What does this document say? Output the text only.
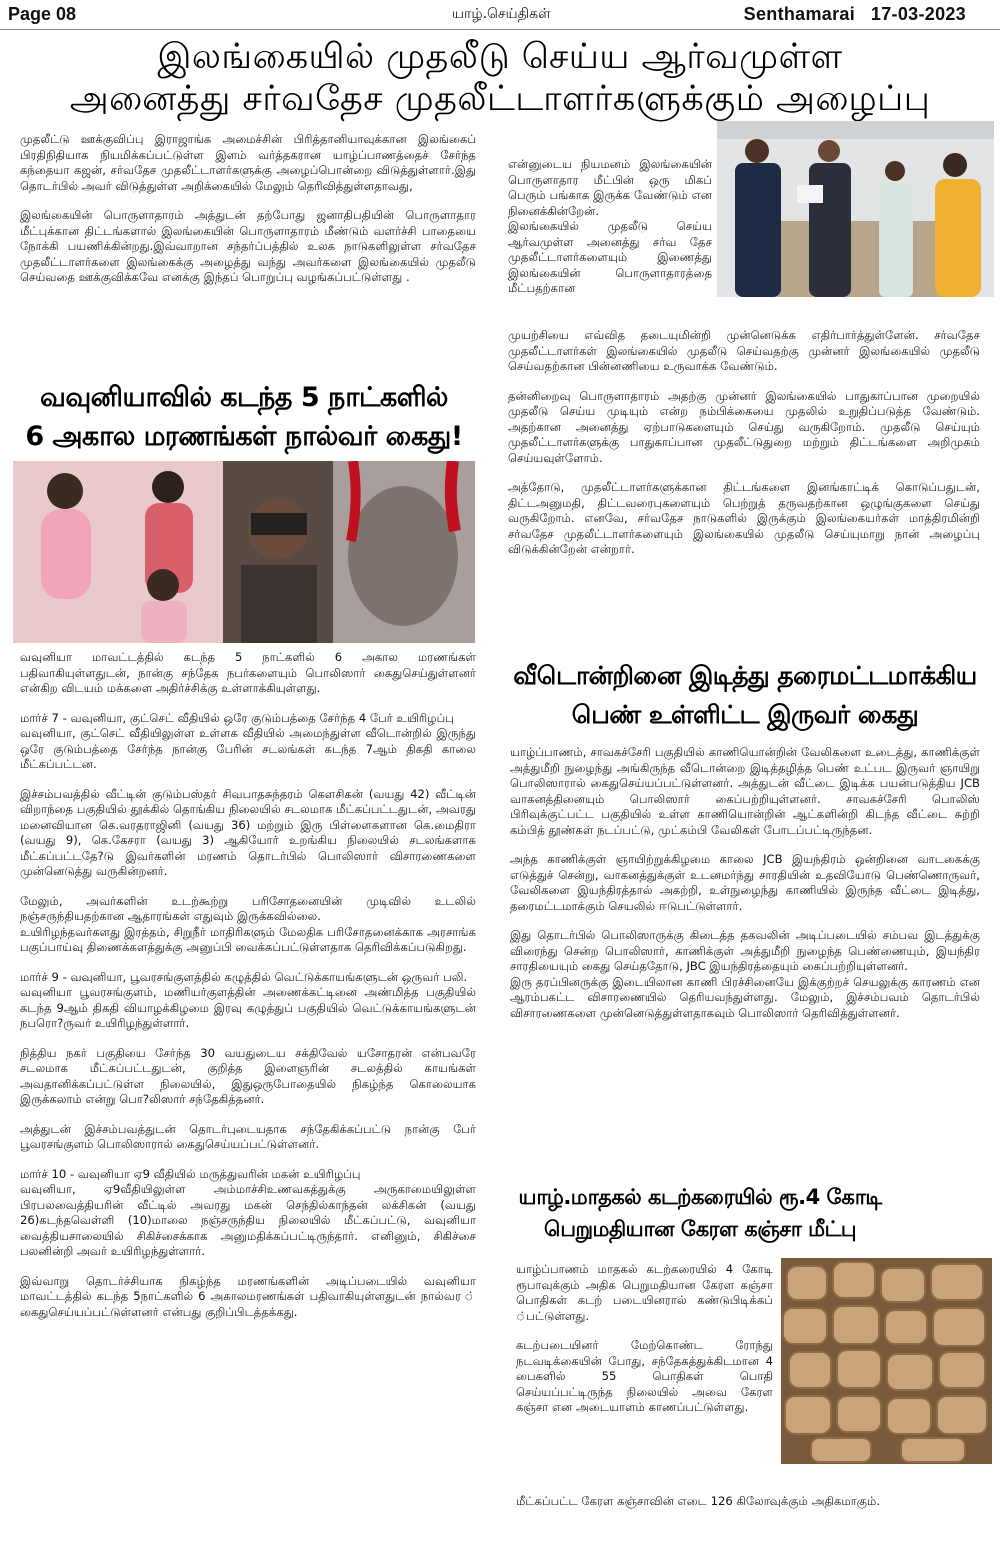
Page 08	யாழ்.செய்திகள்	Senthamarai 17-03-2023
இலங்கையில் முதலீடு செய்ய ஆர்வமுள்ள
அனைத்து சர்வதேச முதலீட்டாளர்களுக்கும் அழைப்பு

முதலீட்டு ஊக்குவிப்பு இராஜாங்க அமைச்சின் பிரித்தானியாவுக்கான இலங்கைப் பிரதிநிதியாக நியமிக்கப்பட்டுள்ள இளம் வர்த்தகரான யாழ்ப்பாணத்தைச் சேர்ந்த கந்தையா கஜன், சர்வதேச முதலீட்டாளர்களுக்கு அழைப்பொன்றை விடுத்துள்ளார்.இது தொடர்பில் அவர் விடுத்துள்ள அறிக்கையில் மேலும் தெரிவித்துள்ளதாவது,

இலங்கையின் பொருளாதாரம் அத்துடன் தற்போது ஜனாதிபதியின் பொருளாதார மீட்புக்கான திட்டங்களால் இலங்கையின் பொருளாதாரம் மீண்டும் வளர்ச்சி பாதையை நோக்கி பயணிக்கின்றது.இவ்வாறான சந்தர்ப்பத்தில் உலக நாடுகளிலுள்ள சர்வதேச முதலீட்டாளர்களை இலங்கைக்கு அழைத்து வந்து அவர்களை இலங்கையில் முதலீடு செய்வதை ஊக்குவிக்கவே எனக்கு இந்தப் பொறுப்பு வழங்கப்பட்டுள்ளது .

என்னுடைய நியமனம் இலங்கையின் பொருளாதார மீட்பின் ஒரு மிகப் பெரும் பங்காக இருக்க வேண்டும் என நினைக்கின்றேன்.

இலங்கையில் முதலீடு செய்ய ஆர்வமுள்ள அனைத்து சர்வ தேச முதலீட்டாளர்களையும் இணைத்து இலங்கையின் பொருளாதாரத்தை மீட்பதற்கான

முயற்சியை எவ்வித தடையுமின்றி முன்னெடுக்க எதிர்பார்த்துள்ளேன். சர்வதேச முதலீட்டாளர்கள் இலங்கையில் முதலீடு செய்வதற்கு முன்னர் இலங்கையில் முதலீடு செய்வதற்கான பின்னணியை உருவாக்க வேண்டும்.

தன்னிறைவு பொருளாதாரம் அதற்கு முன்னர் இலங்கையில் பாதுகாப்பான முறையில் முதலீடு செய்ய முடியும் என்ற நம்பிக்கையை முதலில் உறுதிப்படுத்த வேண்டும். அதற்கான அனைத்து ஏற்பாடுகளையும் செய்து வருகிறோம். முதலீடு செய்யும் முதலீட்டாளர்களுக்கு பாதுகாப்பான முதலீட்டுதுறை மற்றும் திட்டங்களை அறிமுகம் செய்யவுள்ளோம்.

அத்தோடு, முதலீட்டாளர்களுக்கான திட்டங்களை இனங்காட்டிக் கொடுப்பதுடன், திட்டஅனுமதி, திட்டவரைபுகளையும் பெற்றுத் தருவதற்கான ஒழுங்குகளை செய்து வருகிறோம். எனவே, சர்வதேச நாடுகளில் இருக்கும் இலங்கையர்கள் மாத்திரமின்றி சர்வதேச முதலீட்டாளர்களையும் இலங்கையில் முதலீடு செய்யுமாறு நான் அழைப்பு விடுக்கின்றேன் என்றார்.

வவுனியாவில் கடந்த 5 நாட்களில்
6 அகால மரணங்கள் நால்வர் கைது!

வவுனியா மாவட்டத்தில் கடந்த 5 நாட்களில் 6 அகால மரணங்கள் பதிவாகியுள்ளதுடன், நான்கு சந்தேக நபர்களையும் பொலிஸார் கைதுசெய்துள்ளனர் என்கிற விடயம் மக்களை அதிர்ச்சிக்கு உள்ளாக்கியுள்ளது.

மார்ச் 7 - வவுனியா, குட்செட் வீதியில் ஒரே குடும்பத்தை சேர்ந்த 4 பேர் உயிரிழப்பு

வவுனியா, குட்செட் வீதியிலுள்ள உள்ளக வீதியில் அமைந்துள்ள வீடொன்றில் இருந்து ஒரே குடும்பத்தை சேர்ந்த நான்கு பேரின் சடலங்கள் கடந்த 7ஆம் திகதி காலை மீட்கப்பட்டன.

இச்சம்பவத்தில் வீட்டின் குடும்பஸ்தர் சிவபாதசுந்தரம் கௌசிகன் (வயது 42) வீட்டின் விறாந்தை பகுதியில் தூக்கில் தொங்கிய நிலையில் சடலமாக மீட்கப்பட்டதுடன், அவரது மனைவியான கெ.வரதராஜினி (வயது 36) மற்றும் இரு பிள்ளைகளான கெ.மைதிரா (வயது 9), கெ.கேசரா (வயது 3) ஆகியோர் உறங்கிய நிலையில் சடலங்களாக மீட்கப்பட்டதே?டு இவர்களின் மரணம் தொடர்பில் பொலிஸார் விசாரணைகளை முன்னெடுத்து வருகின்றனர்.

மேலும், அவர்களின் உடற்கூற்று பரிசோதனையின் முடிவில் உடலில் நஞ்சருந்தியதற்கான ஆதாரங்கள் எதுவும் இருக்கவில்லை.

உயிரிழந்தவர்களது இரத்தம், சிறுநீர் மாதிரிகளும் மேலதிக பரிசோதனைக்காக அரசாங்க பகுப்பாய்வு திணைக்களத்துக்கு அனுப்பி வைக்கப்பட்டுள்ளதாக தெரிவிக்கப்படுகிறது.

மார்ச் 9 - வவுனியா, பூவரசங்குளத்தில் கழுத்தில் வெட்டுக்காயங்களுடன் ஒருவர் பலி.

வவுனியா பூவரசங்குளம், மணியர்குளத்தின் அணைக்கட்டினை அண்மித்த பகுதியில் கடந்த 9ஆம் திகதி வியாழக்கிழமை இரவு கழுத்துப் பகுதியில் வெட்டுக்காயங்களுடன் நபரொ?ருவர் உயிரிழந்துள்ளார்.

நித்திய நகர் பகுதியை சேர்ந்த 30 வயதுடைய சக்திவேல் யசோதரன் என்பவரே சடலமாக மீட்கப்பட்டதுடன், குறித்த இளைஞரின் சடலத்தில் காயங்கள் அவதானிக்கப்பட்டுள்ள நிலையில், இதுஒருபோதையில் நிகழ்ந்த கொலையாக இருக்கலாம் என்று பொ?லிஸார் சந்தேகித்தனர்.

அத்துடன் இச்சம்பவத்துடன் தொடர்புடையதாக சந்தேகிக்கப்பட்டு நான்கு பேர் பூவரசங்குளம் பொலிஸாரால் கைதுசெய்யப்பட்டுள்ளனர்.

மார்ச் 10 - வவுனியா ஏ9 வீதியில் மருத்துவரின் மகன் உயிரிழப்பு

வவுனியா, ஏ9வீதியிலுள்ள அம்மாச்சிஉணவகத்துக்கு அருகாமையிலுள்ள பிரபலவைத்தியரின் வீட்டில் அவரது மகன் செந்தில்காந்தன் லக்சிகன் (வயது 26)கடந்தவெள்ளி (10)மாலை நஞ்சருந்திய நிலையில் மீட்கப்பட்டு, வவுனியா வைத்தியசாலையில் சிகிச்சைக்காக அனுமதிக்கப்பட்டிருந்தார். எனினும், சிகிச்சை பலனின்றி அவர் உயிரிழந்துள்ளார்.

இவ்வாறு தொடர்ச்சியாக நிகழ்ந்த மரணங்களின் அடிப்படையில் வவுனியா மாவட்டத்தில் கடந்த 5நாட்களில் 6 அகாலமரணங்கள் பதிவாகியுள்ளதுடன் நால்வர ் கைதுசெய்யப்பட்டுள்ளனர் என்பது குறிப்பிடத்தக்கது.

வீடொன்றினை இடித்து தரைமட்டமாக்கிய
பெண் உள்ளிட்ட இருவர் கைது

யாழ்ப்பாணம், சாவகச்சேரி பகுதியில் காணியொன்றின் வேலிகளை உடைத்து, காணிக்குள் அத்துமீறி நுழைந்து அங்கிருந்த வீடொன்றை இடித்தழித்த பெண் உட்பட இருவர் ஞாயிறு பொலிஸாரால் கைதுசெய்யப்பட்டுள்ளனர். அத்துடன் வீட்டை இடிக்க பயன்படுத்திய JCB வாகனத்தினையும் பொலிஸார் கைப்பற்றியுள்ளனர். சாவகச்சேரி பொலிஸ் பிரிவுக்குட்பட்ட பகுதியில் உள்ள காணியொன்றின் ஆட்களின்றி கிடந்த வீட்டை சுற்றி கம்பித் தூண்கள் நடப்பட்டு, முட்கம்பி வேலிகள் போடப்பட்டிருந்தன.

அந்த காணிக்குள் ஞாயிற்றுக்கிழமை காலை JCB இயந்திரம் ஒன்றினை வாடகைக்கு எடுத்துச் சென்று, வாகனத்துக்குள் உடனமர்ந்து சாரதியின் உதவியோடு பெண்ணொருவர், வேலிகளை இயந்திரத்தால் அகற்றி, உள்நுழைந்து காணியில் இருந்த வீட்டை இடித்து, தரைமட்டமாக்கும் செயலில் ஈடுபட்டுள்ளார்.

இது தொடர்பில் பொலிஸாருக்கு கிடைத்த தகவலின் அடிப்படையில் சம்பவ இடத்துக்கு விரைந்து சென்ற பொலிஸார், காணிக்குள் அத்துமீறி நுழைந்த பெண்ணையும், இயந்திர சாரதியையும் கைது செய்ததோடு, JBC இயந்திரத்தையும் கைப்பற்றியுள்ளனர்.

இரு தரப்பினருக்கு இடையிலான காணி பிரச்சினையே இக்குற்றச் செயலுக்கு காரணம் என ஆரம்பகட்ட விசாரணையில் தெரியவந்துள்ளது. மேலும், இச்சம்பவம் தொடர்பில் விசாரணைகளை முன்னெடுத்துள்ளதாகவும் பொலிஸார் தெரிவித்துள்ளனர்.

யாழ்.மாதகல் கடற்கரையில் ரூ.4 கோடி
பெறுமதியான கேரள கஞ்சா மீட்பு

யாழ்ப்பாணம் மாதகல் கடற்கரையில் 4 கோடி ரூபாவுக்கும் அதிக பெறுமதியான கேரள கஞ்சா பொதிகள் கடற் படையினரால் கண்டுபிடிக்கப் ்பட்டுள்ளது.

கடற்படையினர் மேற்கொண்ட ரோந்து நடவடிக்கையின் போது, சந்தேகத்துக்கிடமான 4 பைகளில் 55 பொதிகள் பொதி செய்யப்பட்டிருந்த நிலையில் அவை கேரள கஞ்சா என அடையாளம் காணப்பட்டுள்ளது.

மீட்கப்பட்ட கேரள கஞ்சாவின் எடை 126 கிலோவுக்கும் அதிகமாகும்.
